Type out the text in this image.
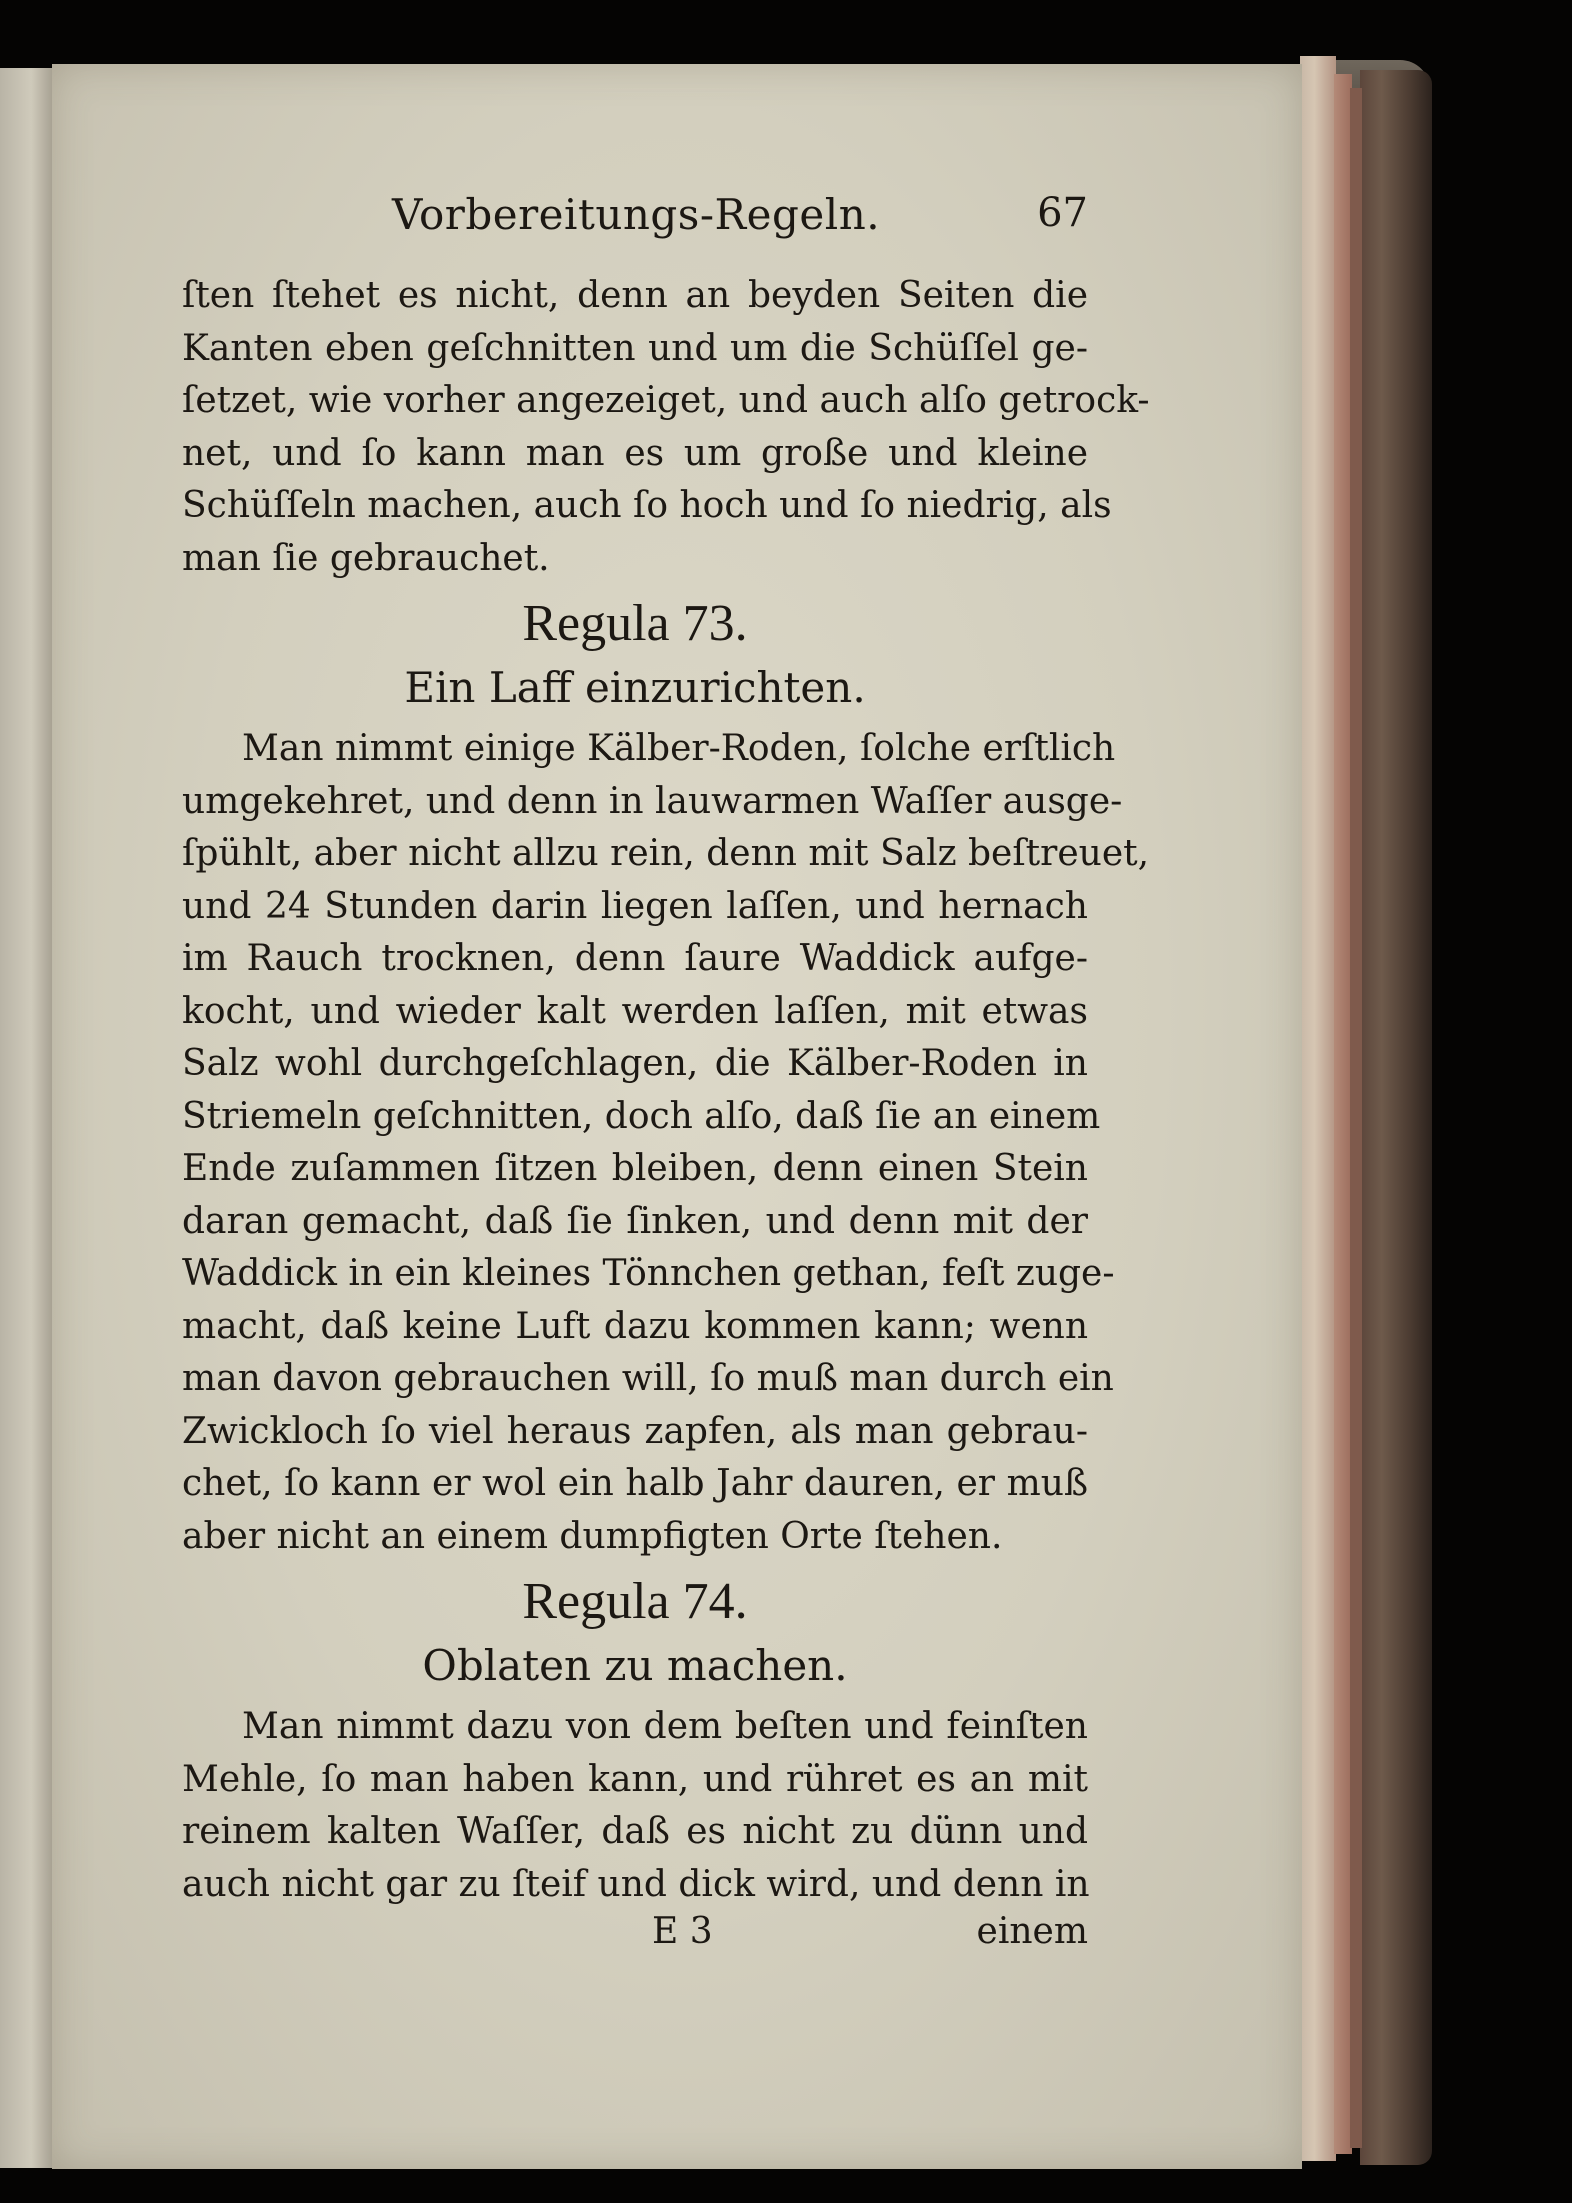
Vorbereitungs-Regeln.	67

ſten ſtehet es nicht, denn an beyden Seiten die
Kanten eben geſchnitten und um die Schüſſel ge-
ſetzet, wie vorher angezeiget, und auch alſo getrock-
net, und ſo kann man es um große und kleine
Schüſſeln machen, auch ſo hoch und ſo niedrig, als
man ſie gebrauchet.

Regula 73.
Ein Laff einzurichten.

Man nimmt einige Kälber-Roden, ſolche erſtlich
umgekehret, und denn in lauwarmen Waſſer ausge-
ſpühlt, aber nicht allzu rein, denn mit Salz beſtreuet,
und 24 Stunden darin liegen laſſen, und hernach
im Rauch trocknen, denn ſaure Waddick aufge-
kocht, und wieder kalt werden laſſen, mit etwas
Salz wohl durchgeſchlagen, die Kälber-Roden in
Striemeln geſchnitten, doch alſo, daß ſie an einem
Ende zuſammen ſitzen bleiben, denn einen Stein
daran gemacht, daß ſie ſinken, und denn mit der
Waddick in ein kleines Tönnchen gethan, feſt zuge-
macht, daß keine Luft dazu kommen kann; wenn
man davon gebrauchen will, ſo muß man durch ein
Zwickloch ſo viel heraus zapfen, als man gebrau-
chet, ſo kann er wol ein halb Jahr dauren, er muß
aber nicht an einem dumpfigten Orte ſtehen.

Regula 74.
Oblaten zu machen.

Man nimmt dazu von dem beſten und feinſten
Mehle, ſo man haben kann, und rühret es an mit
reinem kalten Waſſer, daß es nicht zu dünn und
auch nicht gar zu ſteif und dick wird, und denn in

E 3	einem
